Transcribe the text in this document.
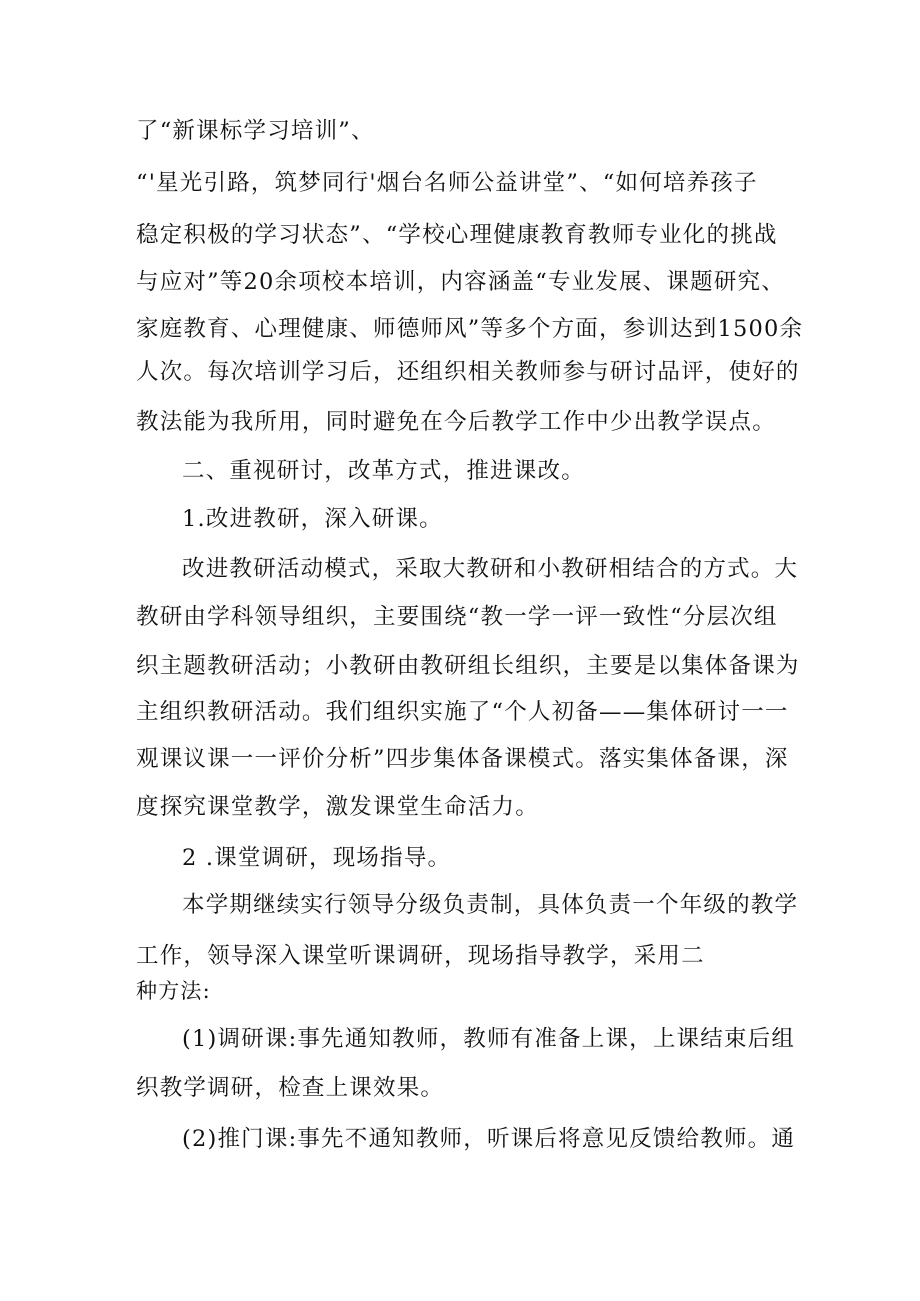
了“新课标学习培训”、

“'星光引路，筑梦同行'烟台名师公益讲堂”、“如何培养孩子

稳定积极的学习状态”、“学校心理健康教育教师专业化的挑战

与应对”等20余项校本培训，内容涵盖“专业发展、课题研究、

家庭教育、心理健康、师德师风”等多个方面，参训达到1500余

人次。每次培训学习后，还组织相关教师参与研讨品评，使好的

教法能为我所用，同时避免在今后教学工作中少出教学误点。

二、重视研讨，改革方式，推进课改。

1.改进教研，深入研课。

改进教研活动模式，采取大教研和小教研相结合的方式。大

教研由学科领导组织，主要围绕“教一学一评一致性“分层次组

织主题教研活动；小教研由教研组长组织，主要是以集体备课为

主组织教研活动。我们组织实施了“个人初备——集体研讨一一

观课议课一一评价分析”四步集体备课模式。落实集体备课，深

度探究课堂教学，激发课堂生命活力。

2 .课堂调研，现场指导。

本学期继续实行领导分级负责制，具体负责一个年级的教学

工作，领导深入课堂听课调研，现场指导教学，采用二

种方法:

(1)调研课:事先通知教师，教师有准备上课，上课结束后组

织教学调研，检查上课效果。

(2)推门课:事先不通知教师，听课后将意见反馈给教师。通
